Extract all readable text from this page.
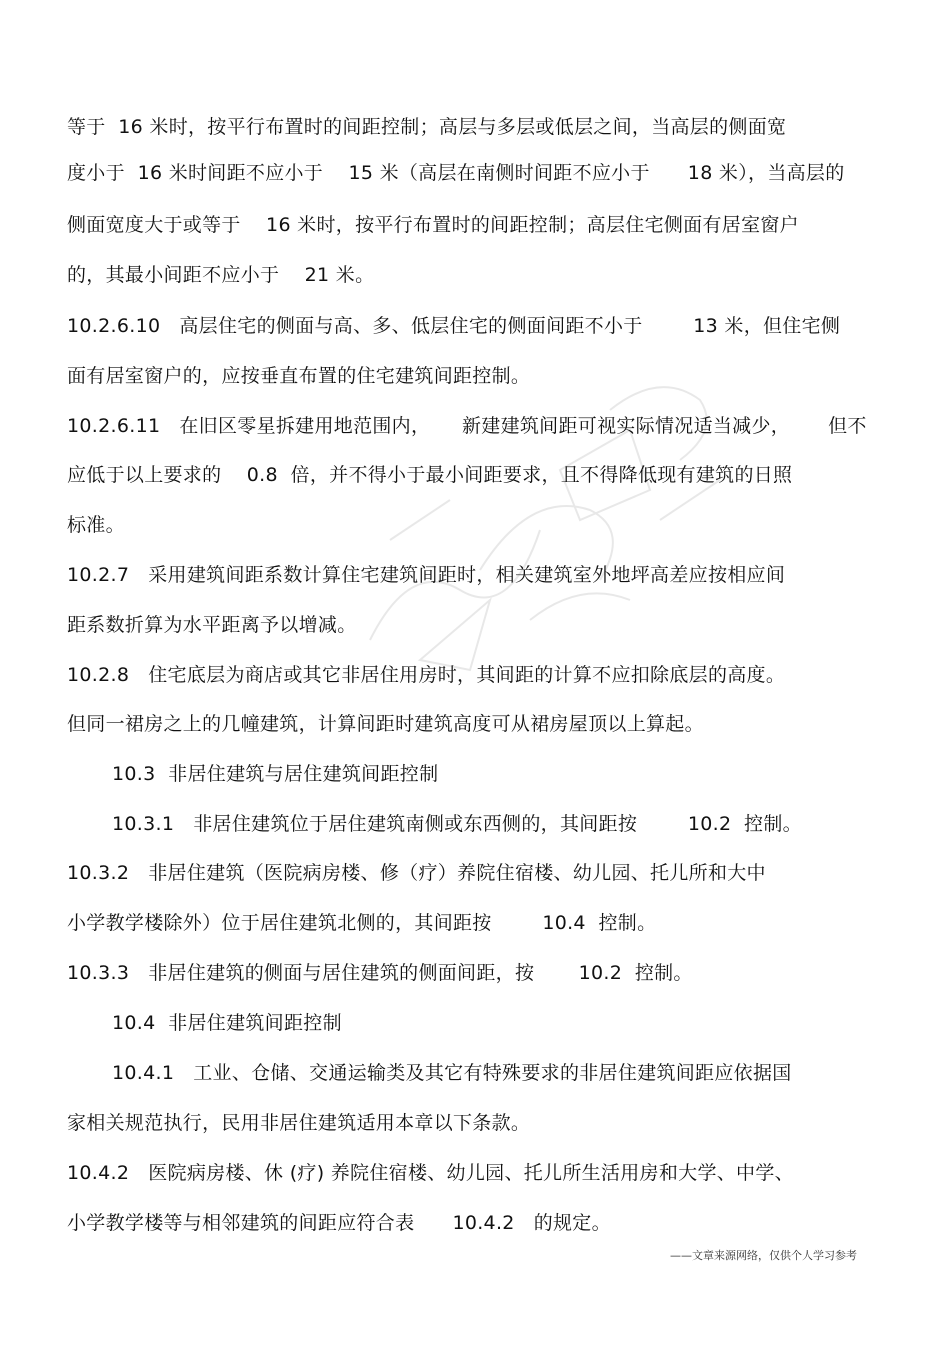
等于  16 米时，按平行布置时的间距控制；高层与多层或低层之间，当高层的侧面宽
度小于  16 米时间距不应小于    15 米（高层在南侧时间距不应小于      18 米），当高层的
侧面宽度大于或等于    16 米时，按平行布置时的间距控制；高层住宅侧面有居室窗户
的，其最小间距不应小于    21 米。
10.2.6.10   高层住宅的侧面与高、多、低层住宅的侧面间距不小于        13 米，但住宅侧
面有居室窗户的，应按垂直布置的住宅建筑间距控制。
10.2.6.11   在旧区零星拆建用地范围内，     新建建筑间距可视实际情况适当减少，      但不
应低于以上要求的    0.8  倍，并不得小于最小间距要求，且不得降低现有建筑的日照
标准。
10.2.7   采用建筑间距系数计算住宅建筑间距时，相关建筑室外地坪高差应按相应间
距系数折算为水平距离予以增减。
10.2.8   住宅底层为商店或其它非居住用房时，其间距的计算不应扣除底层的高度。
但同一裙房之上的几幢建筑，计算间距时建筑高度可从裙房屋顶以上算起。
10.3  非居住建筑与居住建筑间距控制
10.3.1   非居住建筑位于居住建筑南侧或东西侧的，其间距按        10.2  控制。
10.3.2   非居住建筑（医院病房楼、修（疗）养院住宿楼、幼儿园、托儿所和大中
小学教学楼除外）位于居住建筑北侧的，其间距按        10.4  控制。
10.3.3   非居住建筑的侧面与居住建筑的侧面间距，按       10.2  控制。
10.4  非居住建筑间距控制
10.4.1   工业、仓储、交通运输类及其它有特殊要求的非居住建筑间距应依据国
家相关规范执行，民用非居住建筑适用本章以下条款。
10.4.2   医院病房楼、休 (疗) 养院住宿楼、幼儿园、托儿所生活用房和大学、中学、
小学教学楼等与相邻建筑的间距应符合表      10.4.2   的规定。
——文章来源网络，仅供个人学习参考
